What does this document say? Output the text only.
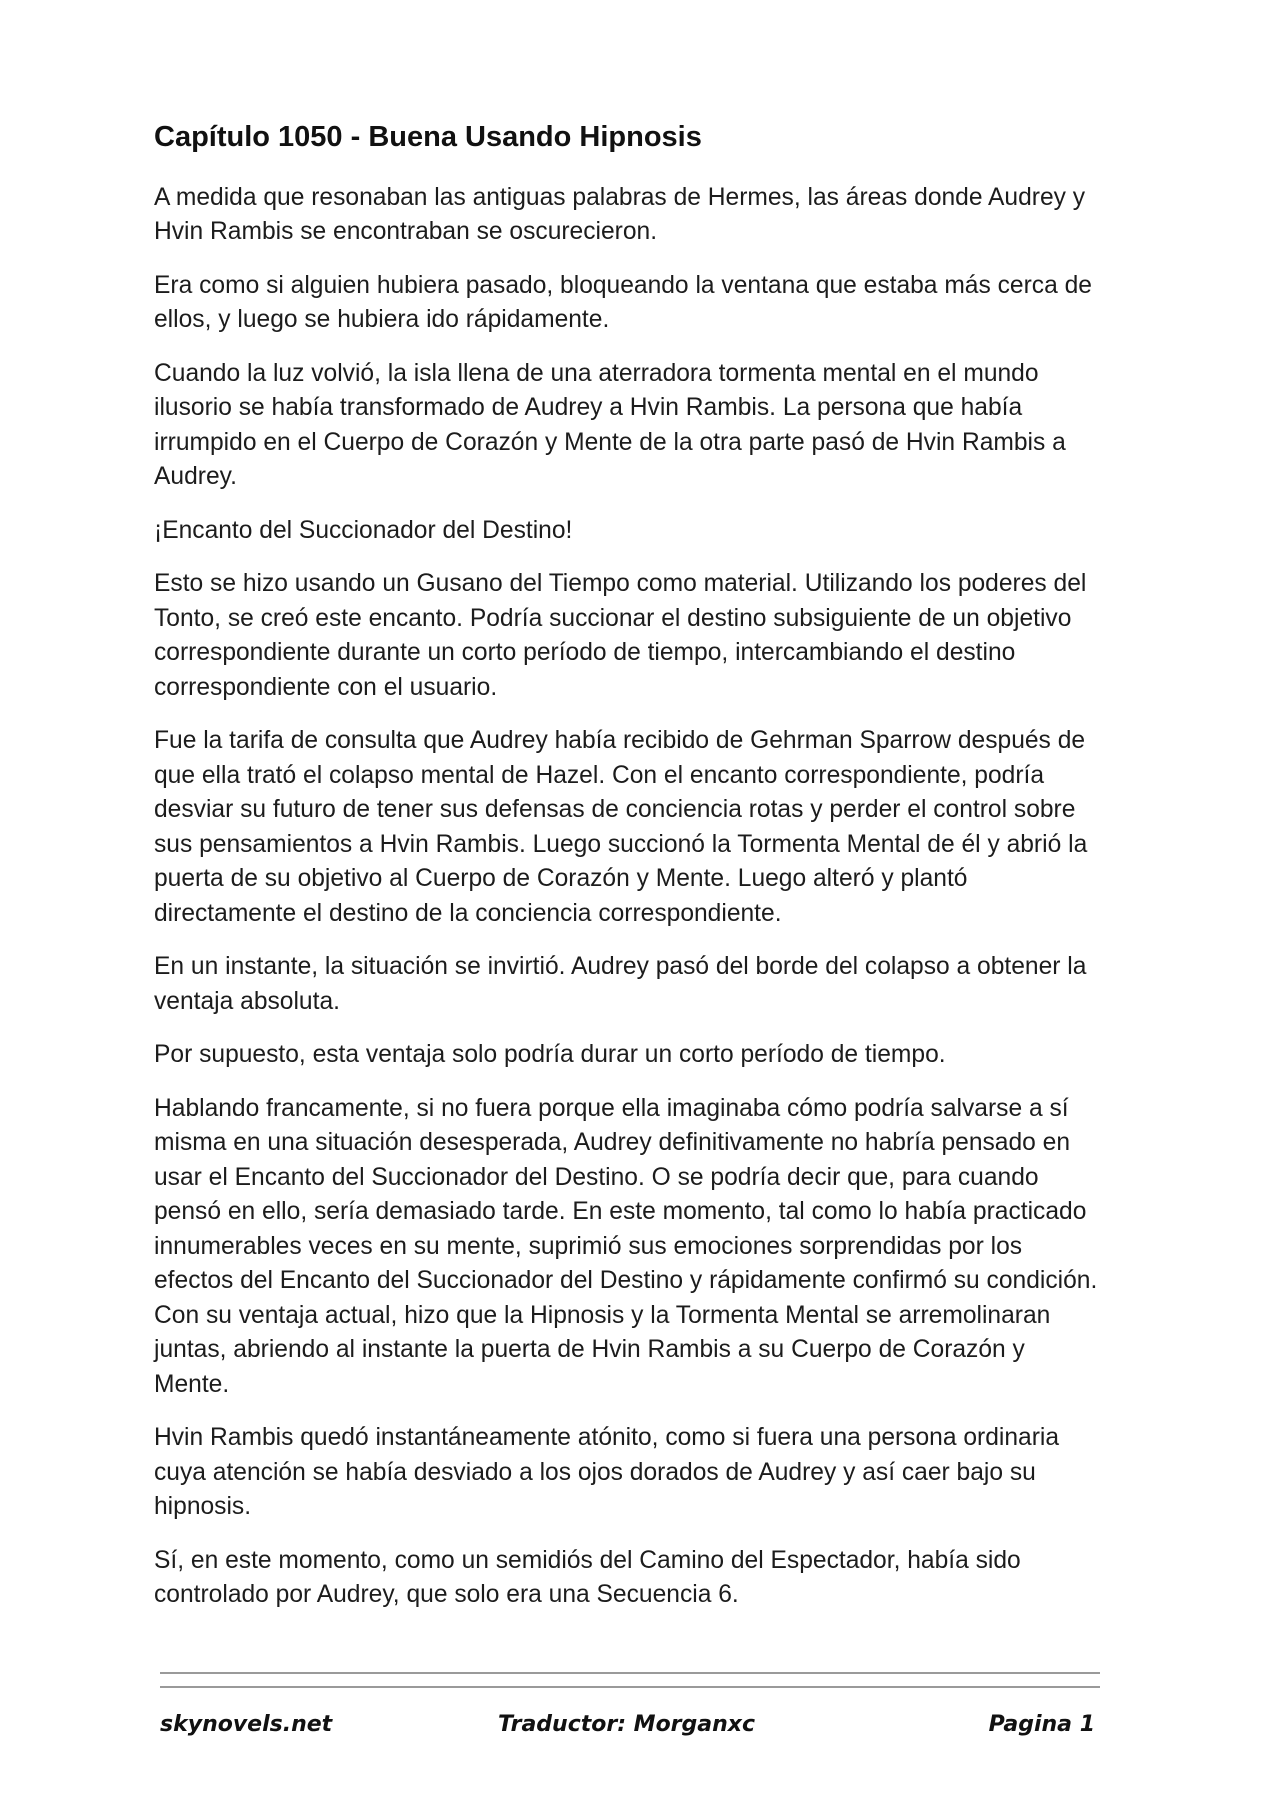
Capítulo 1050 - Buena Usando Hipnosis

A medida que resonaban las antiguas palabras de Hermes, las áreas donde Audrey y Hvin Rambis se encontraban se oscurecieron.

Era como si alguien hubiera pasado, bloqueando la ventana que estaba más cerca de ellos, y luego se hubiera ido rápidamente.

Cuando la luz volvió, la isla llena de una aterradora tormenta mental en el mundo ilusorio se había transformado de Audrey a Hvin Rambis. La persona que había irrumpido en el Cuerpo de Corazón y Mente de la otra parte pasó de Hvin Rambis a Audrey.

¡Encanto del Succionador del Destino!

Esto se hizo usando un Gusano del Tiempo como material. Utilizando los poderes del Tonto, se creó este encanto. Podría succionar el destino subsiguiente de un objetivo correspondiente durante un corto período de tiempo, intercambiando el destino correspondiente con el usuario.

Fue la tarifa de consulta que Audrey había recibido de Gehrman Sparrow después de que ella trató el colapso mental de Hazel. Con el encanto correspondiente, podría desviar su futuro de tener sus defensas de conciencia rotas y perder el control sobre sus pensamientos a Hvin Rambis. Luego succionó la Tormenta Mental de él y abrió la puerta de su objetivo al Cuerpo de Corazón y Mente. Luego alteró y plantó directamente el destino de la conciencia correspondiente.

En un instante, la situación se invirtió. Audrey pasó del borde del colapso a obtener la ventaja absoluta.

Por supuesto, esta ventaja solo podría durar un corto período de tiempo.

Hablando francamente, si no fuera porque ella imaginaba cómo podría salvarse a sí misma en una situación desesperada, Audrey definitivamente no habría pensado en usar el Encanto del Succionador del Destino. O se podría decir que, para cuando pensó en ello, sería demasiado tarde. En este momento, tal como lo había practicado innumerables veces en su mente, suprimió sus emociones sorprendidas por los efectos del Encanto del Succionador del Destino y rápidamente confirmó su condición. Con su ventaja actual, hizo que la Hipnosis y la Tormenta Mental se arremolinaran juntas, abriendo al instante la puerta de Hvin Rambis a su Cuerpo de Corazón y Mente.

Hvin Rambis quedó instantáneamente atónito, como si fuera una persona ordinaria cuya atención se había desviado a los ojos dorados de Audrey y así caer bajo su hipnosis.

Sí, en este momento, como un semidiós del Camino del Espectador, había sido controlado por Audrey, que solo era una Secuencia 6.

skynovels.net	Traductor: Morganxc	Pagina 1
